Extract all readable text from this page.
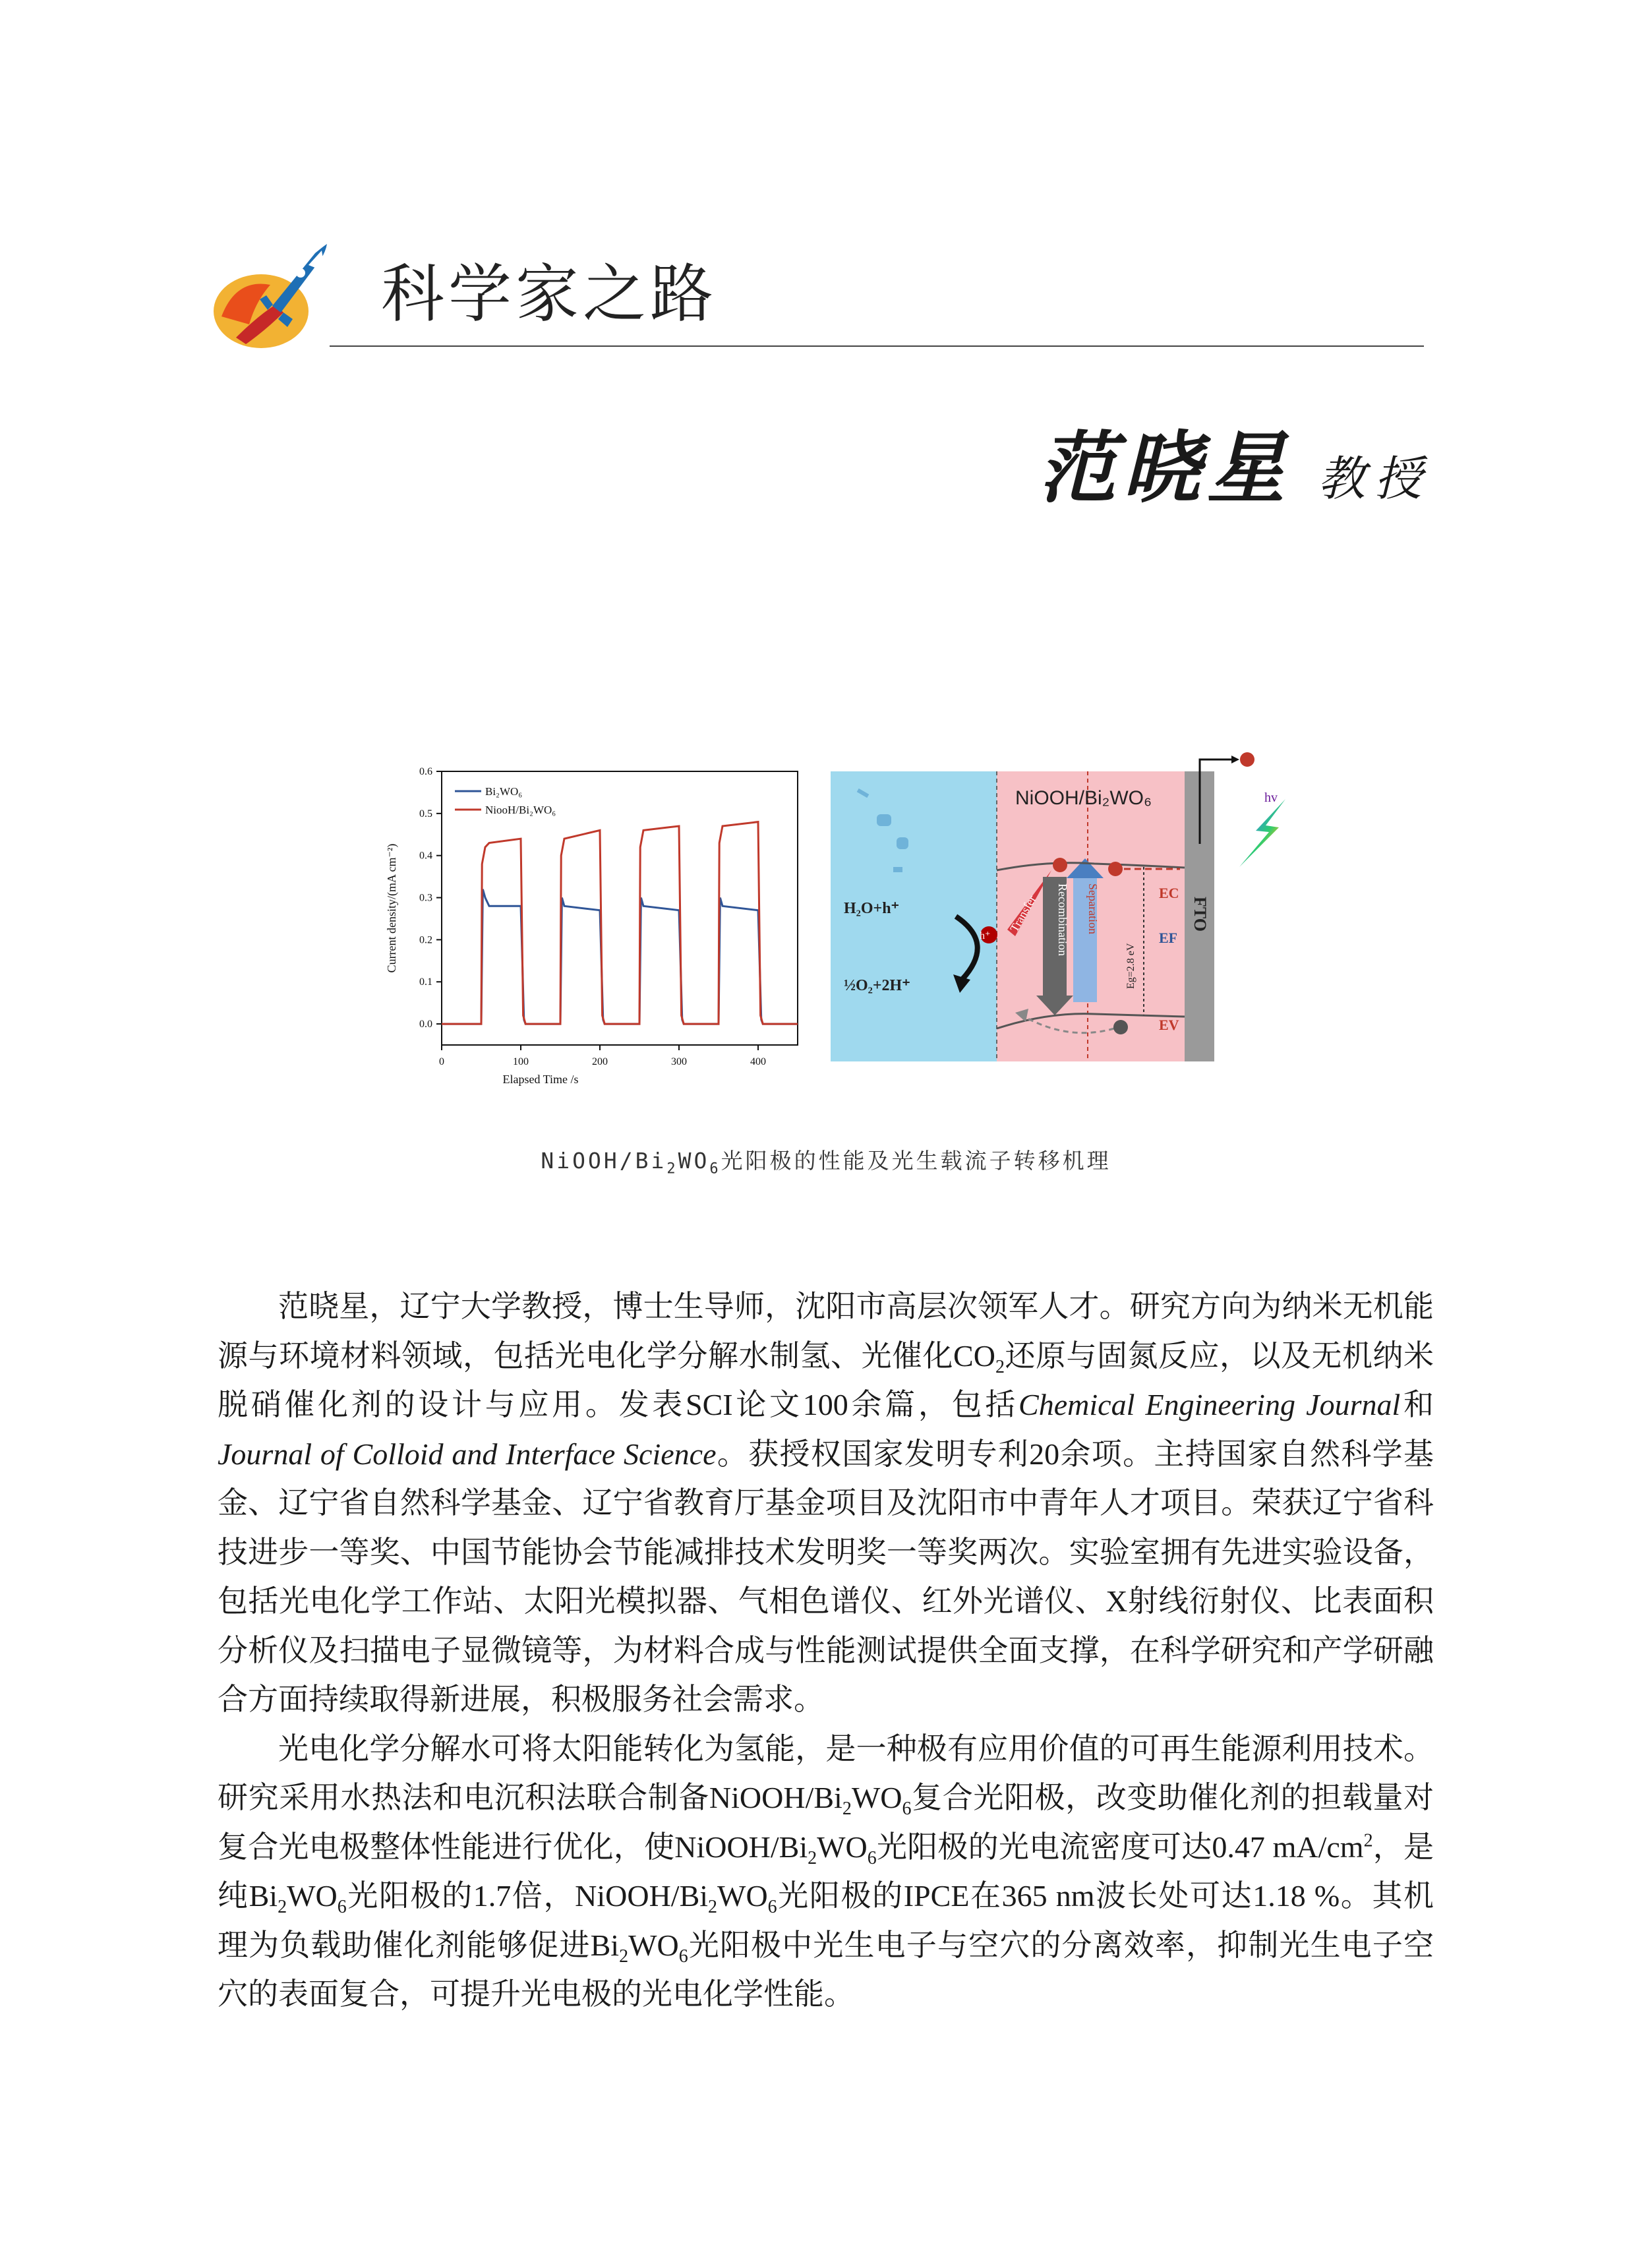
科学家之路
范晓星 教授
0	100	200	300	400
0.0
0.1
0.2
0.3
0.4
0.5
0.6
Elapsed Time /s
Current density/(mA cm⁻²)
Bi₂WO₆
NiooH/Bi₂WO₆
NiOOH/Bi₂WO₆
H₂O+h⁺
½O₂+2H⁺
h⁺
Transfer Recombination Separation
Eg=2.8 eV
EC
EF
EV
FTO
hv
NiOOH/$Bi_2WO_6$光阳极的性能及光生载流子转移机理

范晓星，辽宁大学教授，博士生导师，沈阳市高层次领军人才。研究方向为纳米无机能源与环境材料领域，包括光电化学分解水制氢、光催化$CO_2$还原与固氮反应，以及无机纳米脱硝催化剂的设计与应用。发表SCI论文100余篇，包括Chemical Engineering Journal和Journal of Colloid and Interface Science。获授权国家发明专利20余项。主持国家自然科学基金、辽宁省自然科学基金、辽宁省教育厅基金项目及沈阳市中青年人才项目。荣获辽宁省科技进步一等奖、中国节能协会节能减排技术发明奖一等奖两次。实验室拥有先进实验设备，包括光电化学工作站、太阳光模拟器、气相色谱仪、红外光谱仪、X射线衍射仪、比表面积分析仪及扫描电子显微镜等，为材料合成与性能测试提供全面支撑，在科学研究和产学研融合方面持续取得新进展，积极服务社会需求。

光电化学分解水可将太阳能转化为氢能，是一种极有应用价值的可再生能源利用技术。研究采用水热法和电沉积法联合制备NiOOH/$Bi_2WO_6$复合光阳极，改变助催化剂的担载量对复合光电极整体性能进行优化，使NiOOH/$Bi_2WO_6$光阳极的光电流密度可达0.47 $mA/cm^2$，是纯$Bi_2WO_6$光阳极的1.7倍，NiOOH/$Bi_2WO_6$光阳极的IPCE在365 nm波长处可达1.18 %。其机理为负载助催化剂能够促进$Bi_2WO_6$光阳极中光生电子与空穴的分离效率，抑制光生电子空穴的表面复合，可提升光电极的光电化学性能。
